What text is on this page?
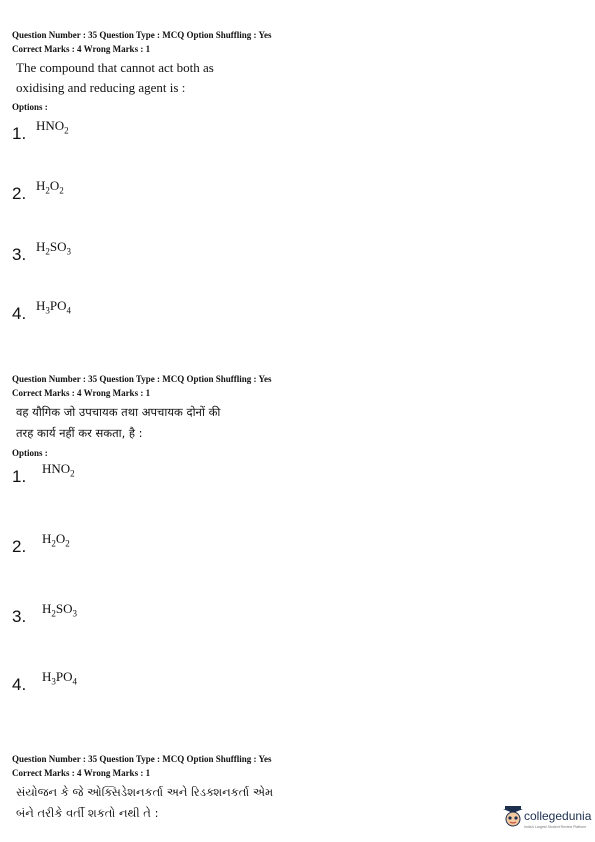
Question Number : 35 Question Type : MCQ Option Shuffling : Yes
Correct Marks : 4 Wrong Marks : 1
The compound that cannot act both as
oxidising and reducing agent is :
Options :
1. $HNO_2$
2. $H_2O_2$
3. $H_2SO_3$
4. $H_3PO_4$
Question Number : 35 Question Type : MCQ Option Shuffling : Yes
Correct Marks : 4 Wrong Marks : 1
वह यौगिक जो उपचायक तथा अपचायक दोनों की
तरह कार्य नहीं कर सकता, है :
Options :
1. $HNO_2$
2. $H_2O_2$
3. $H_2SO_3$
4. $H_3PO_4$
Question Number : 35 Question Type : MCQ Option Shuffling : Yes
Correct Marks : 4 Wrong Marks : 1
સંયોજન કે જે ઓક્સિડેશનકર્તા અને રિડક્શનકર્તા એમ
બંને તરીકે વર્તી શકતો નથી તે :	collegedunia
India's Largest Student Review Platform
